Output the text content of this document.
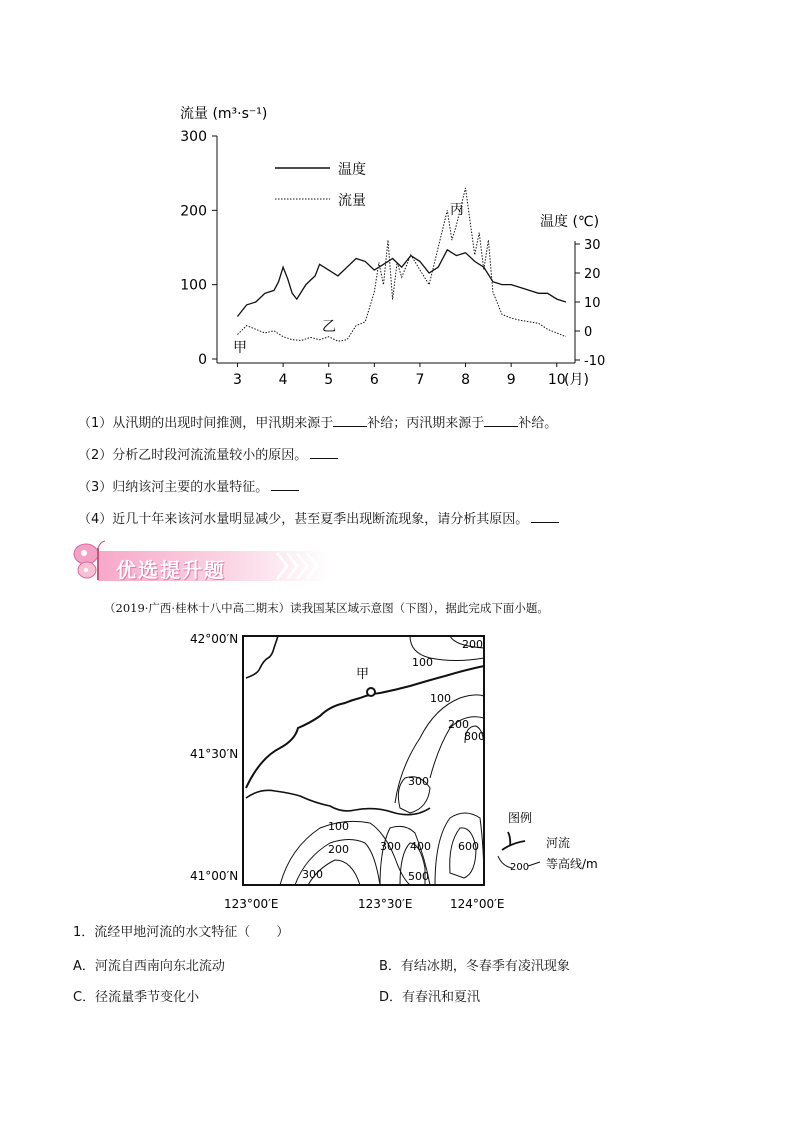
流量 (m³·s⁻¹)
温度 (℃)
(月)
0
100
200
300
-10
0
10
20
30
3	4	5	6	7	8	9 10
温度
流量
甲
乙
丙
（1）从汛期的出现时间推测，甲汛期来源于	补给；丙汛期来源于	补给。
（2）分析乙时段河流流量较小的原因。
（3）归纳该河主要的水量特征。
（4）近几十年来该河水量明显减少，甚至夏季出现断流现象，请分析其原因。
优选提升题
（2019·广西·桂林十八中高二期末）读我国某区域示意图（下图），据此完成下面小题。
42°00′N
41°30′N
41°00′N
123°00′E	123°30′E	124°00′E
100
200
100
200
800
300
100
200	300 400
500
600
300
甲
图例
河流
200 等高线/m
1．流经甲地河流的水文特征（　　）
A．河流自西南向东北流动	B．有结冰期，冬春季有凌汛现象
C．径流量季节变化小	D．有春汛和夏汛
